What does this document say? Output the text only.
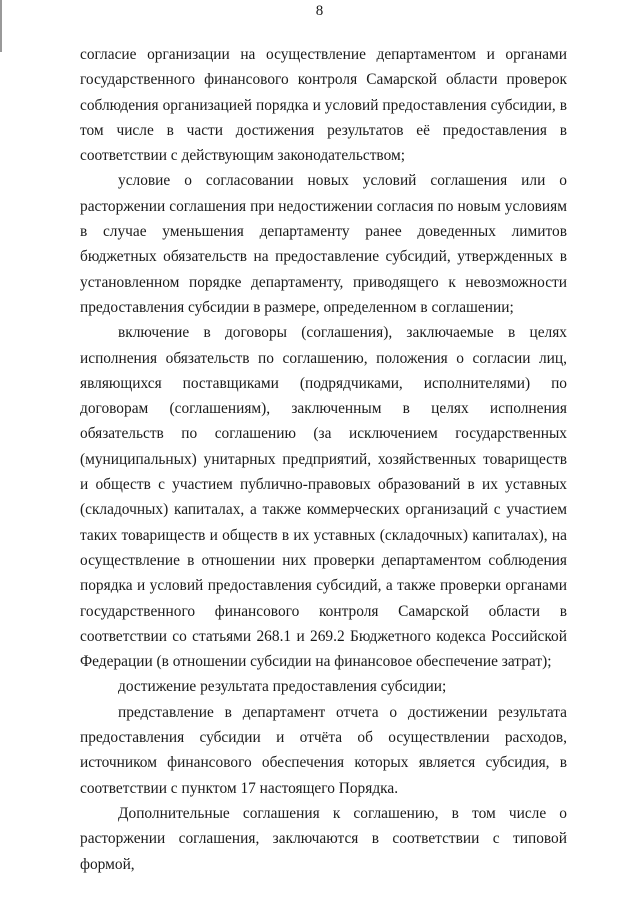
8

согласие организации на осуществление департаментом и органами государственного финансового контроля Самарской области проверок соблюдения организацией порядка и условий предоставления субсидии, в том числе в части достижения результатов её предоставления в соответствии с действующим законодательством;

условие о согласовании новых условий соглашения или о расторжении соглашения при недостижении согласия по новым условиям в случае уменьшения департаменту ранее доведенных лимитов бюджетных обязательств на предоставление субсидий, утвержденных в установленном порядке департаменту, приводящего к невозможности предоставления субсидии в размере, определенном в соглашении;

включение в договоры (соглашения), заключаемые в целях исполнения обязательств по соглашению, положения о согласии лиц, являющихся поставщиками (подрядчиками, исполнителями) по договорам (соглашениям), заключенным в целях исполнения обязательств по соглашению (за исключением государственных (муниципальных) унитарных предприятий, хозяйственных товариществ и обществ с участием публично-правовых образований в их уставных (складочных) капиталах, а также коммерческих организаций с участием таких товариществ и обществ в их уставных (складочных) капиталах), на осуществление в отношении них проверки департаментом соблюдения порядка и условий предоставления субсидий, а также проверки органами государственного финансового контроля Самарской области в соответствии со статьями 268.1 и 269.2 Бюджетного кодекса Российской Федерации (в отношении субсидии на финансовое обеспечение затрат);

достижение результата предоставления субсидии;

представление в департамент отчета о достижении результата предоставления субсидии и отчёта об осуществлении расходов, источником финансового обеспечения которых является субсидия, в соответствии с пунктом 17 настоящего Порядка.

Дополнительные соглашения к соглашению, в том числе о расторжении соглашения, заключаются в соответствии с типовой формой,
